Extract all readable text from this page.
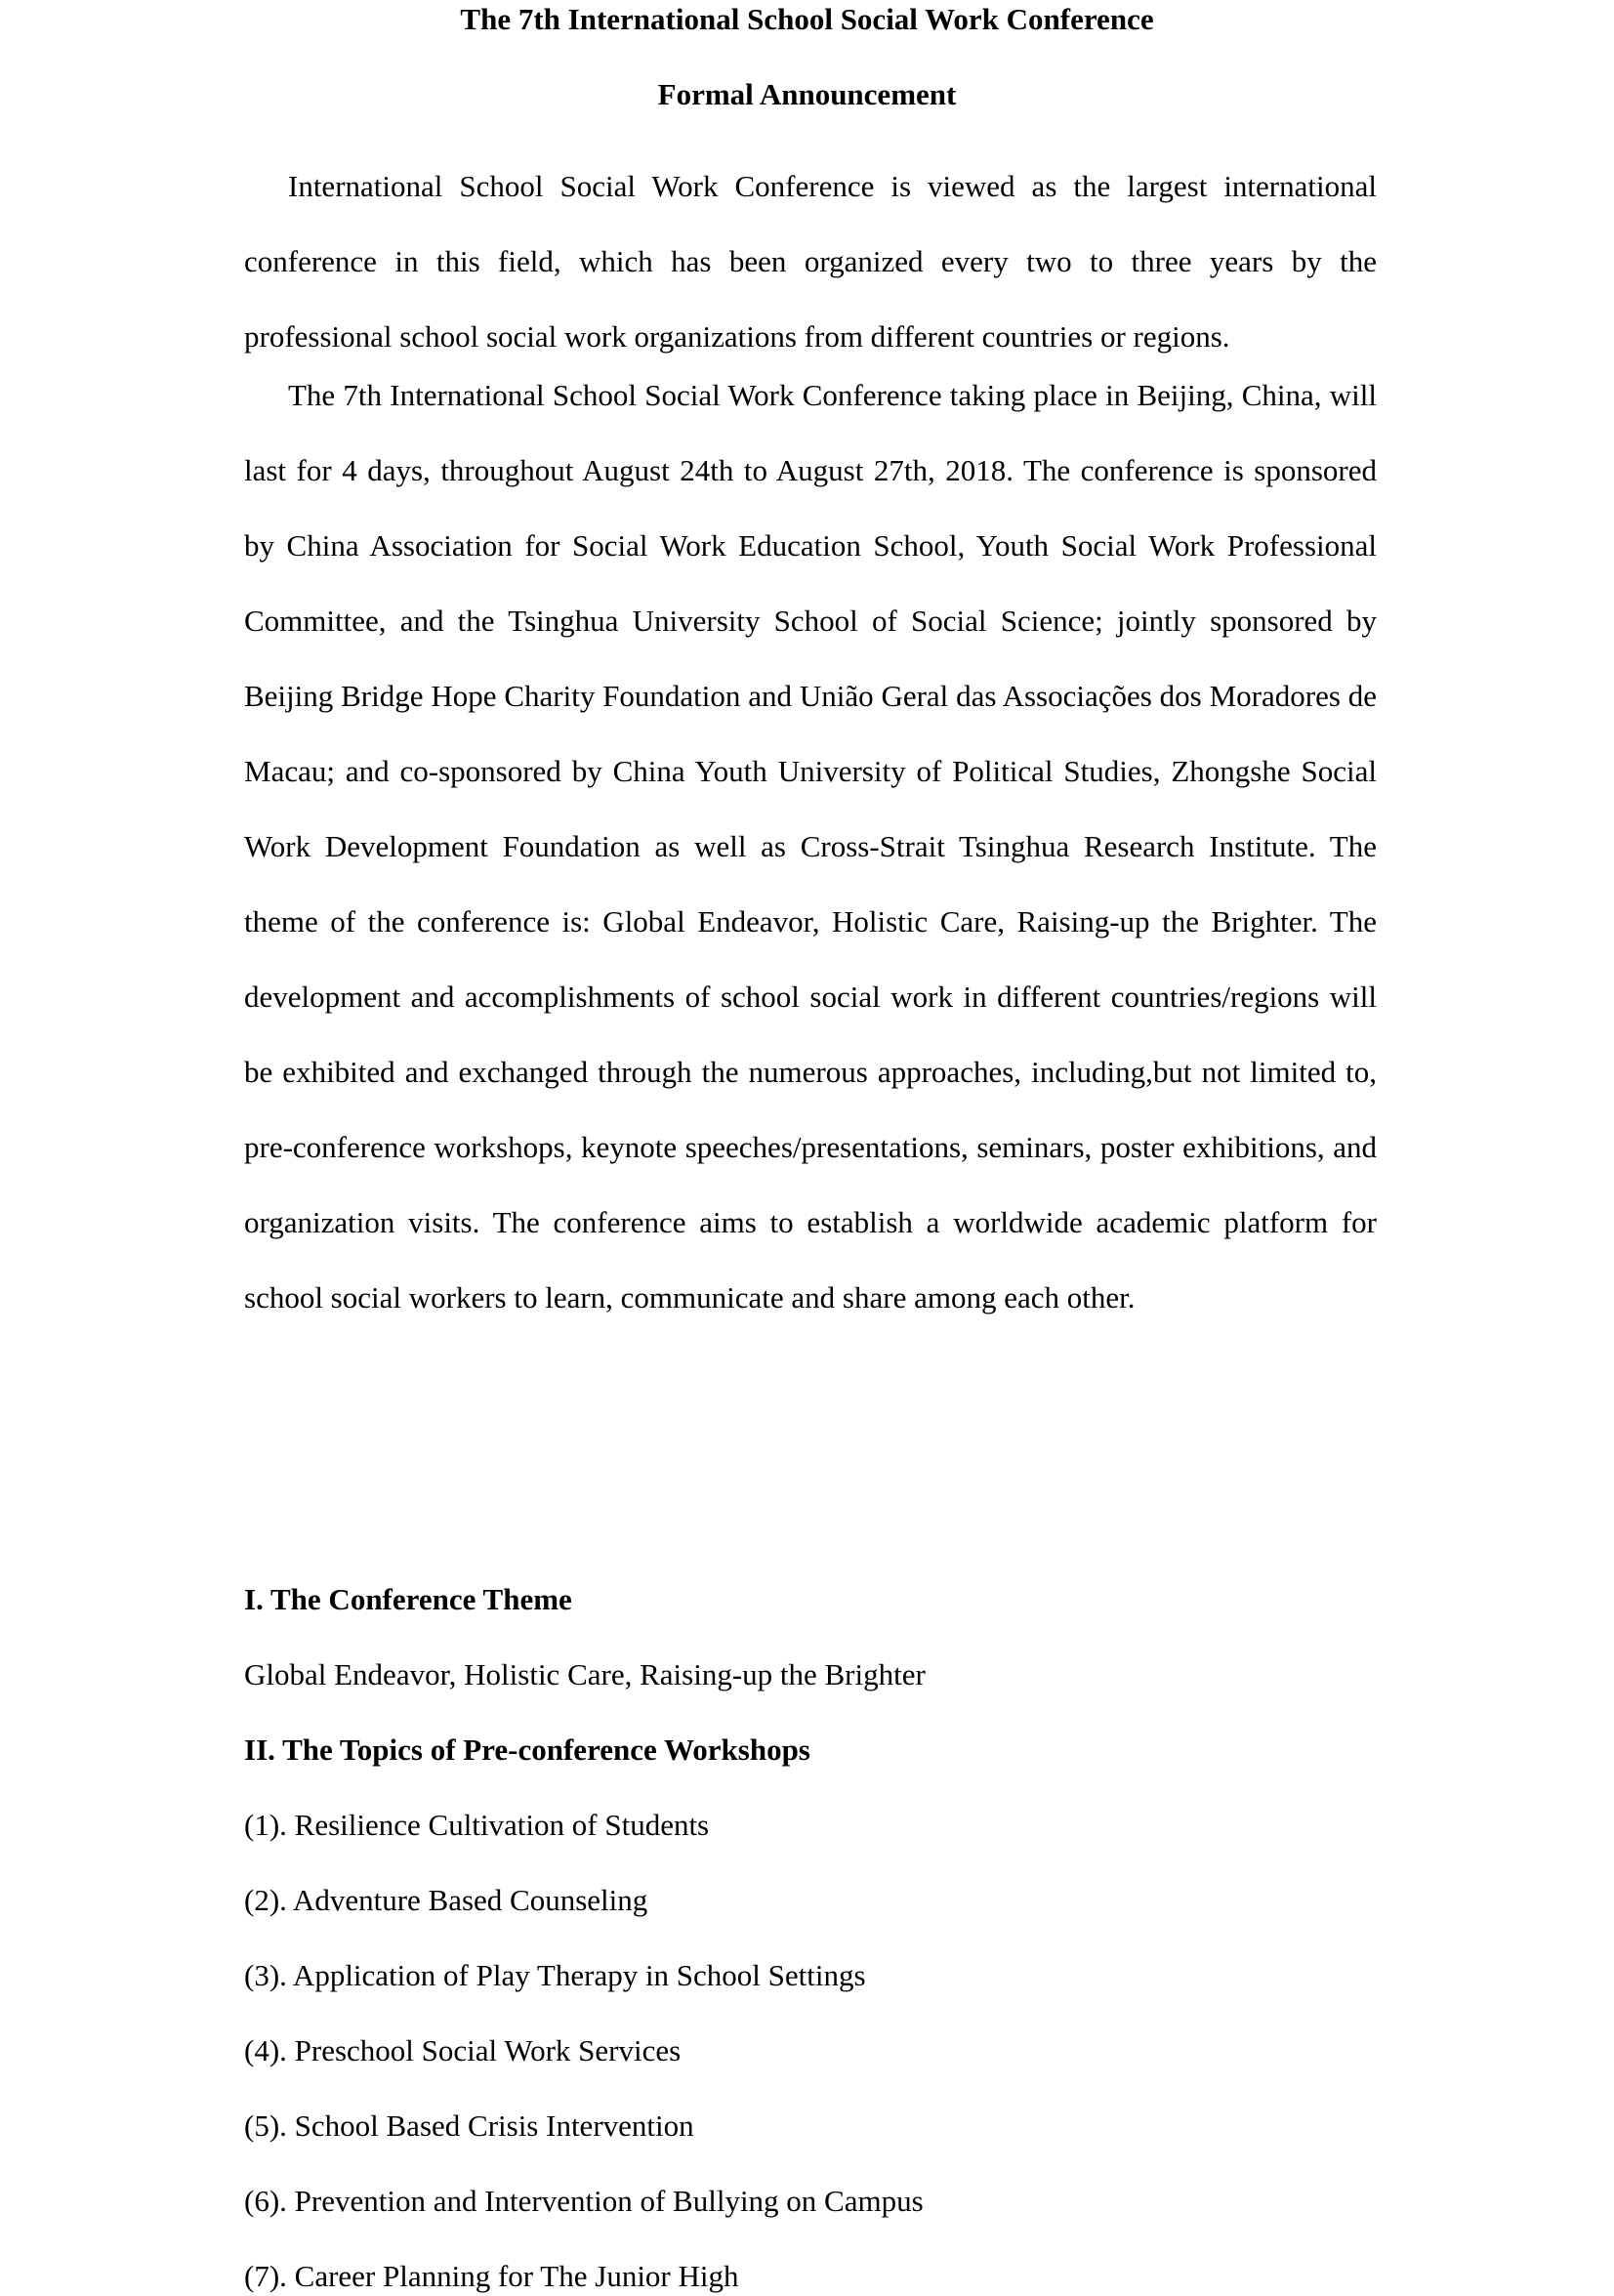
The 7th International School Social Work Conference
Formal Announcement

International School Social Work Conference is viewed as the largest international conference in this field, which has been organized every two to three years by the professional school social work organizations from different countries or regions.

The 7th International School Social Work Conference taking place in Beijing, China, will last for 4 days, throughout August 24th to August 27th, 2018. The conference is sponsored by China Association for Social Work Education School, Youth Social Work Professional Committee, and the Tsinghua University School of Social Science; jointly sponsored by Beijing Bridge Hope Charity Foundation and União Geral das Associações dos Moradores de Macau; and co-sponsored by China Youth University of Political Studies, Zhongshe Social Work Development Foundation as well as Cross-Strait Tsinghua Research Institute. The theme of the conference is: Global Endeavor, Holistic Care, Raising-up the Brighter. The development and accomplishments of school social work in different countries/regions will be exhibited and exchanged through the numerous approaches, including,but not limited to, pre-conference workshops, keynote speeches/presentations, seminars, poster exhibitions, and organization visits. The conference aims to establish a worldwide academic platform for school social workers to learn, communicate and share among each other.

I. The Conference Theme
Global Endeavor, Holistic Care, Raising-up the Brighter
II. The Topics of Pre-conference Workshops
(1). Resilience Cultivation of Students
(2). Adventure Based Counseling
(3). Application of Play Therapy in School Settings
(4). Preschool Social Work Services
(5). School Based Crisis Intervention
(6). Prevention and Intervention of Bullying on Campus
(7). Career Planning for The Junior High
